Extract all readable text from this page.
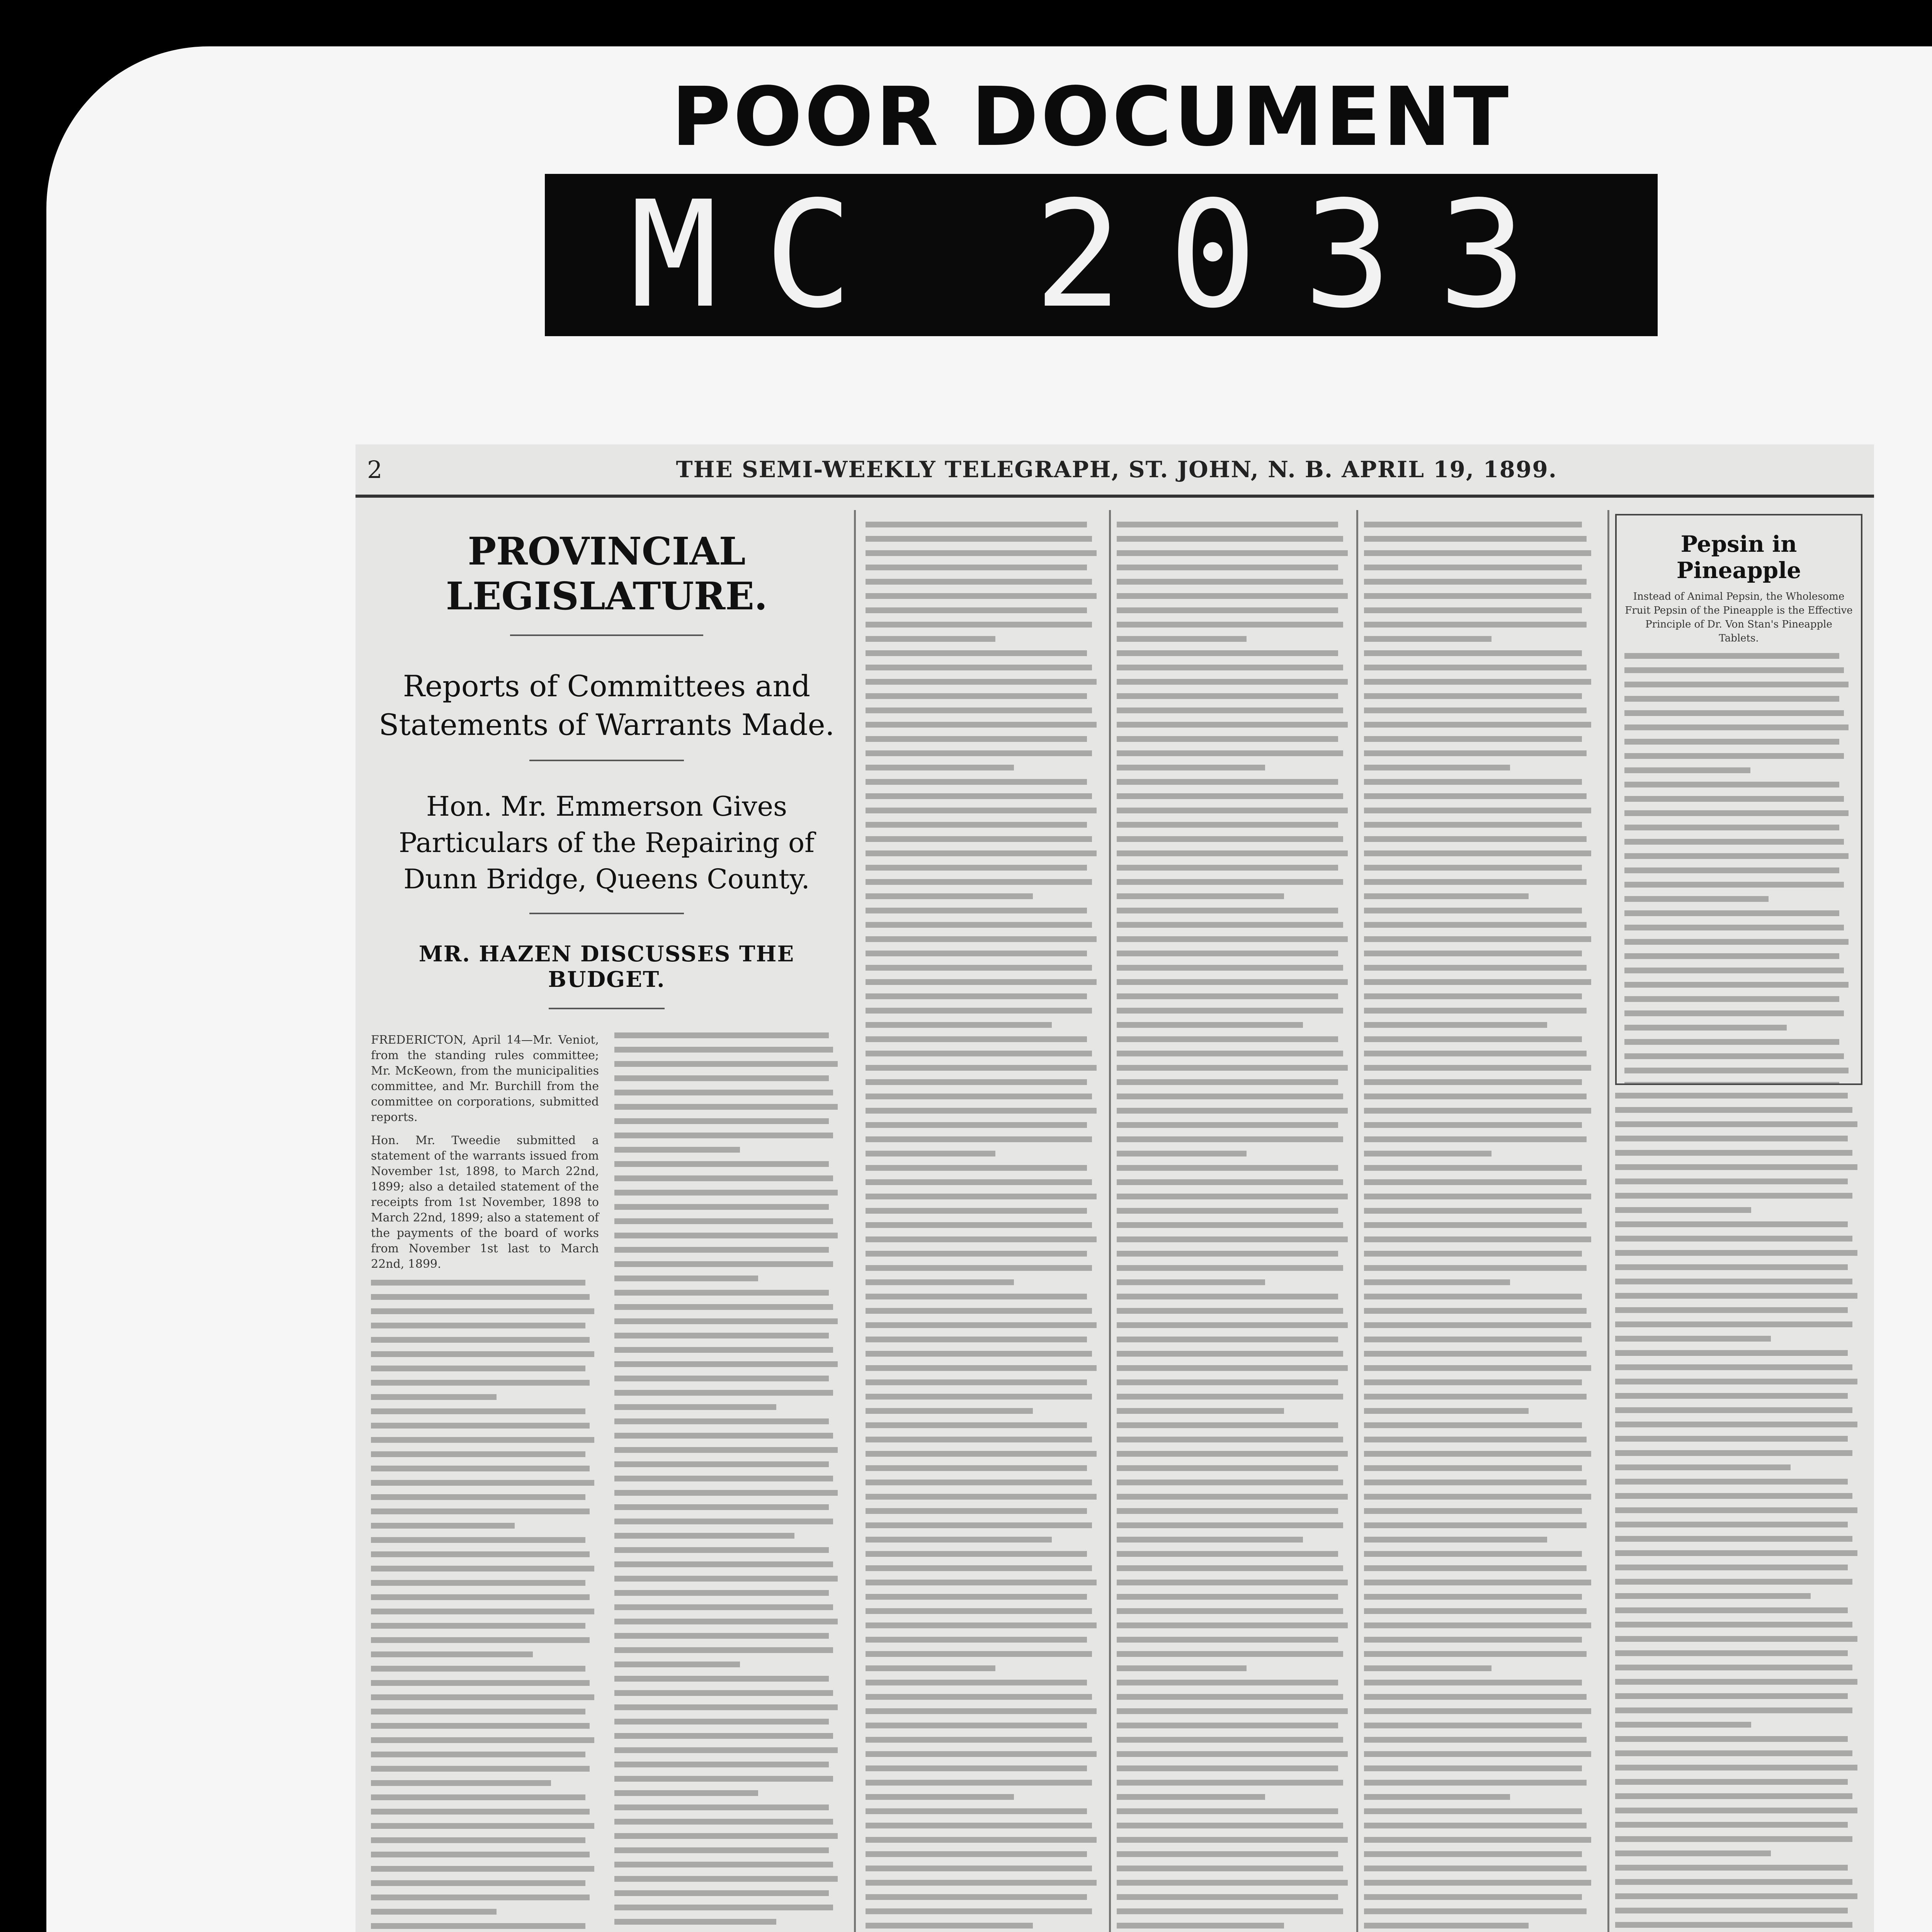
POOR DOCUMENT
MC 2033
2	THE SEMI-WEEKLY TELEGRAPH, ST. JOHN, N. B. APRIL 19, 1899.
PROVINCIAL LEGISLATURE.
Reports of Committees and Statements of Warrants Made.
Hon. Mr. Emmerson Gives Particulars of the Repairing of Dunn Bridge, Queens County.
MR. HAZEN DISCUSSES THE BUDGET.
FREDERICTON, April 14—Mr. Veniot, from the standing rules committee; Mr. McKeown, from the municipalities committee, and Mr. Burchill from the committee on corporations, submitted reports.
Hon. Mr. Tweedie submitted a statement of the warrants issued from November 1st, 1898, to March 22nd, 1899; also a detailed statement of the receipts from 1st November, 1898 to March 22nd, 1899; also a statement of the payments of the board of works from November 1st last to March 22nd, 1899.
Pepsin in Pineapple
Instead of Animal Pepsin, the Wholesome Fruit Pepsin of the Pineapple is the Effective Principle of Dr. Von Stan's Pineapple Tablets.
